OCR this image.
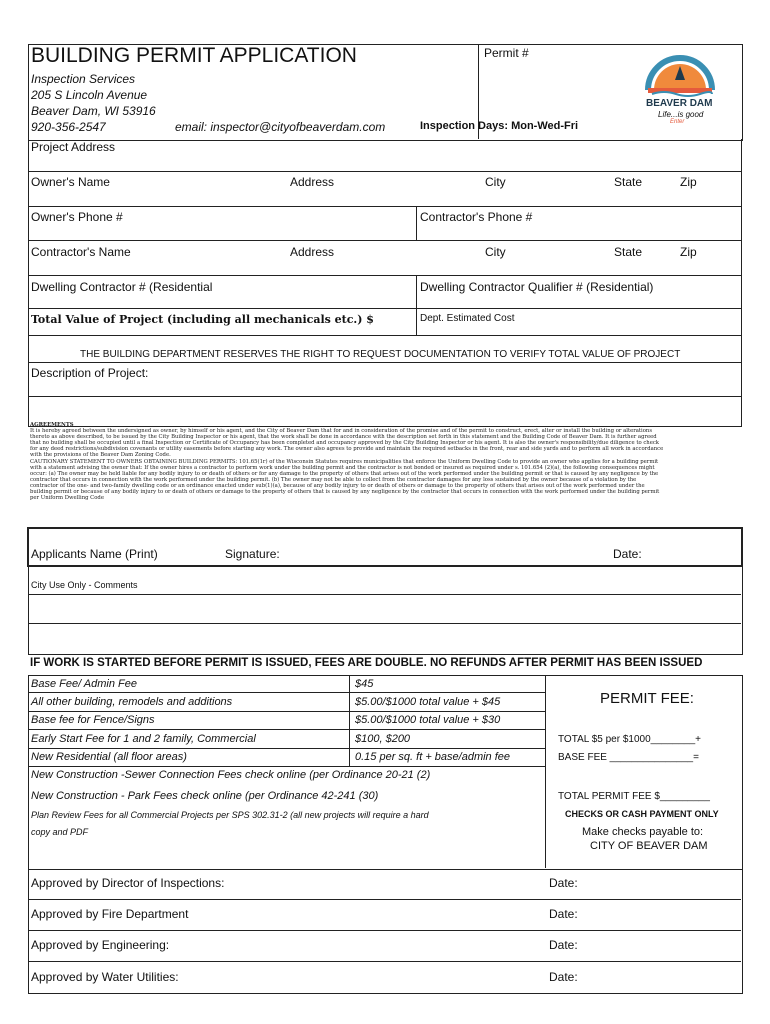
BUILDING PERMIT APPLICATION	Permit #
Inspection Services
205 S Lincoln Avenue
Beaver Dam, WI 53916
920-356-2547	email: inspector@cityofbeaverdam.com	Inspection Days: Mon-Wed-Fri
BEAVER DAM
Life...is good
Enter
Project Address
Owner's Name	Address	City	State	Zip
Owner's Phone #	Contractor's Phone #
Contractor's Name	Address	City	State	Zip
Dwelling Contractor # (Residential	Dwelling Contractor Qualifier # (Residential)
Total Value of Project (including all mechanicals etc.) $	Dept. Estimated Cost
THE BUILDING DEPARTMENT RESERVES THE RIGHT TO REQUEST DOCUMENTATION TO VERIFY TOTAL VALUE OF PROJECT
Description of Project:
AGREEMENTS
It is hereby agreed between the undersigned as owner, by himself or his agent, and the City of Beaver Dam that for and in consideration of the promise and of the permit to construct, erect, alter or install the building or alterations
thereto as above described, to be issued by the City Building Inspector or his agent, that the work shall be done in accordance with the description set forth in this statement and the Building Code of Beaver Dam. It is further agreed
that no building shall be occupied until a final Inspection or Certificate of Occupancy has been completed and occupancy approved by the City Building Inspector or his agent. It is also the owner's responsibility/due diligence to check
for any deed restrictions/subdivision covenants or utility easements before starting any work. The owner also agrees to provide and maintain the required setbacks in the front, rear and side yards and to perform all work in accordance
with the provisions of the Beaver Dam Zoning Code.
CAUTIONARY STATEMENT TO OWNERS OBTAINING BUILDING PERMITS: 101.65(1r) of the Wisconsin Statutes requires municipalities that enforce the Uniform Dwelling Code to provide an owner who applies for a building permit
with a statement advising the owner that: If the owner hires a contractor to perform work under the building permit and the contractor is not bonded or insured as required under s. 101.654 (2)(a), the following consequences might
occur: (a) The owner may be held liable for any bodily injury to or death of others or for any damage to the property of others that arises out of the work performed under the building permit or that is caused by any negligence by the
contractor that occurs in connection with the work performed under the building permit. (b) The owner may not be able to collect from the contractor damages for any loss sustained by the owner because of a violation by the
contractor of the one- and two-family dwelling code or an ordinance enacted under sub(1)(a), because of any bodily injury to or death of others or damage to the property of others that arises out of the work performed under the
building permit or because of any bodily injury to or death of others or damage to the property of others that is caused by any negligence by the contractor that occurs in connection with the work performed under the building permit
per Uniform Dwelling Code
Applicants Name (Print)	Signature:	Date:
City Use Only - Comments
IF WORK IS STARTED BEFORE PERMIT IS ISSUED, FEES ARE DOUBLE. NO REFUNDS AFTER PERMIT HAS BEEN ISSUED
Base Fee/ Admin Fee	$45
All other building, remodels and additions	$5.00/$1000 total value + $45
Base fee for Fence/Signs	$5.00/$1000 total value + $30
Early Start Fee for 1 and 2 family, Commercial	$100, $200
New Residential (all floor areas)	0.15 per sq. ft + base/admin fee
New Construction -Sewer Connection Fees check online (per Ordinance 20-21 (2)
New Construction - Park Fees check online (per Ordinance 42-241 (30)
Plan Review Fees for all Commercial Projects per SPS 302.31-2 (all new projects will require a hard
copy and PDF
PERMIT FEE:
TOTAL $5 per $1000________+
BASE FEE _______________=
TOTAL PERMIT FEE $_________
CHECKS OR CASH PAYMENT ONLY
Make checks payable to:
CITY OF BEAVER DAM
Approved by Director of Inspections:	Date:
Approved by Fire Department	Date:
Approved by Engineering:	Date:
Approved by Water Utilities:	Date:
